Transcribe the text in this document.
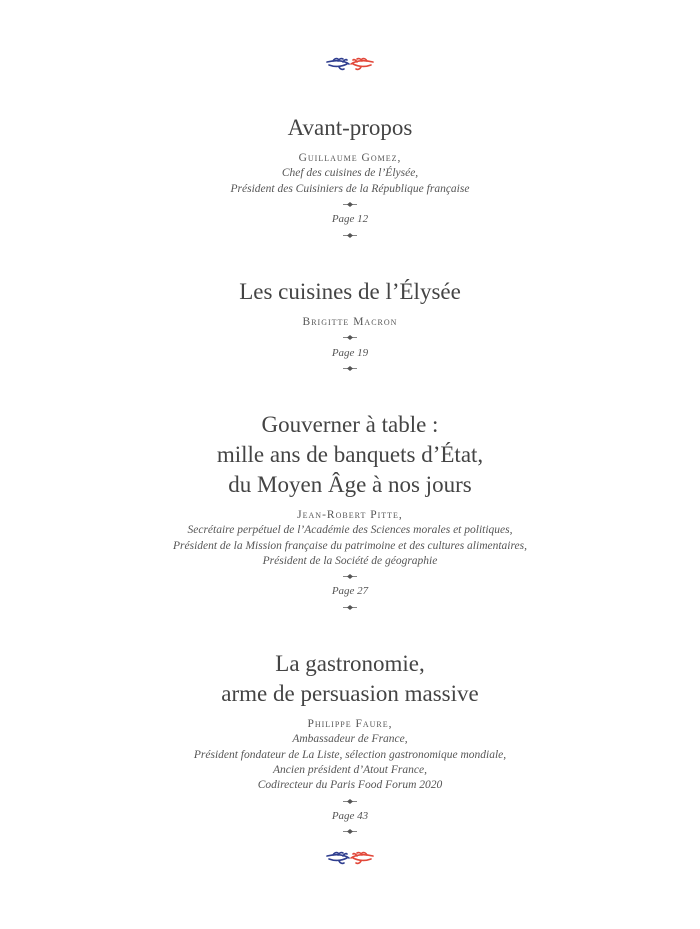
Avant-propos
Guillaume Gomez,
Chef des cuisines de l’Élysée,
Président des Cuisiniers de la République française
Page 12
Les cuisines de l’Élysée
Brigitte Macron
Page 19
Gouverner à table :
mille ans de banquets d’État,
du Moyen Âge à nos jours
Jean-Robert Pitte,
Secrétaire perpétuel de l’Académie des Sciences morales et politiques,
Président de la Mission française du patrimoine et des cultures alimentaires,
Président de la Société de géographie
Page 27
La gastronomie,
arme de persuasion massive
Philippe Faure,
Ambassadeur de France,
Président fondateur de La Liste, sélection gastronomique mondiale,
Ancien président d’Atout France,
Codirecteur du Paris Food Forum 2020
Page 43
